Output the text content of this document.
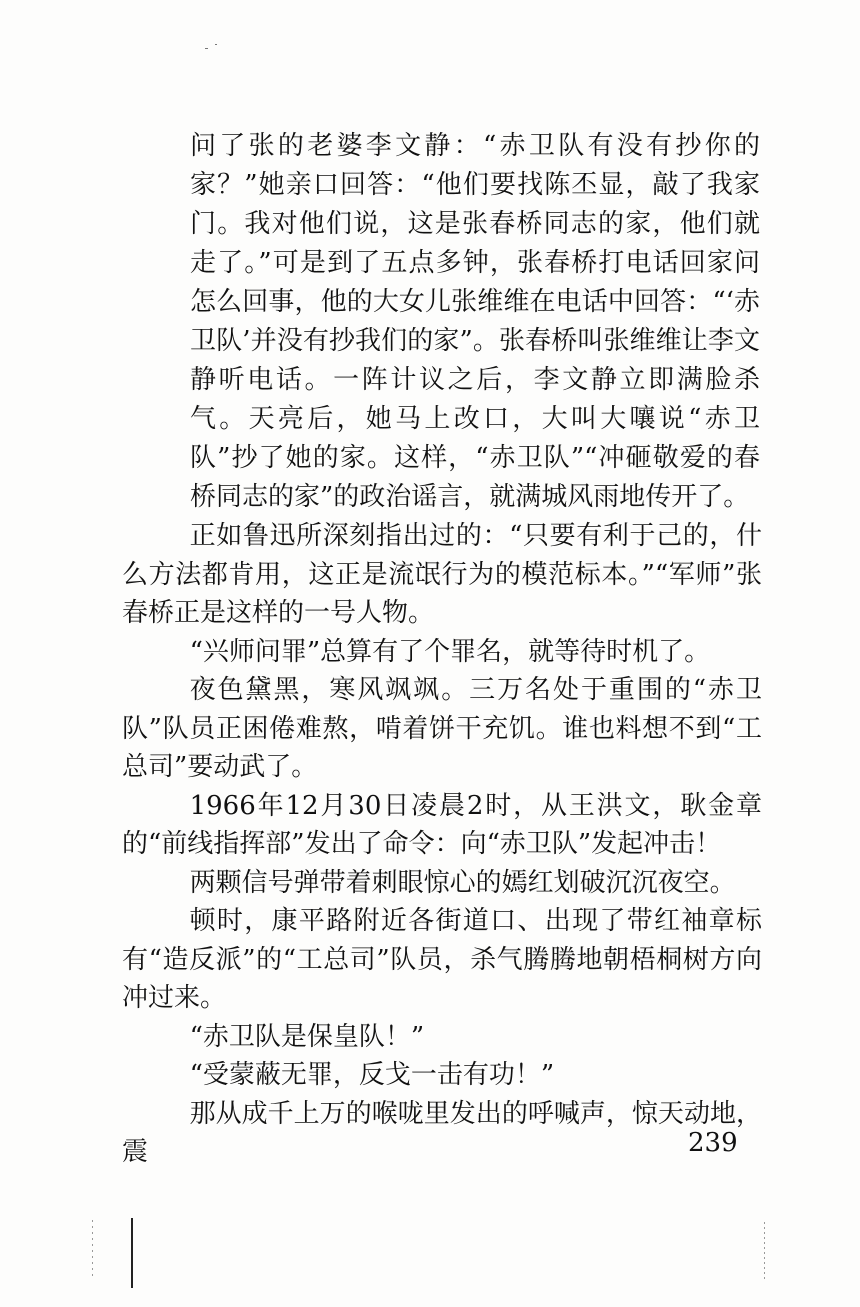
问了张的老婆李文静：“赤卫队有没有抄你的家？”她亲口回答：“他们要找陈丕显，敲了我家门。我对他们说，这是张春桥同志的家，他们就走了。”可是到了五点多钟，张春桥打电话回家问怎么回事，他的大女儿张维维在电话中回答：“‘赤卫队’并没有抄我们的家”。张春桥叫张维维让李文静听电话。一阵计议之后，李文静立即满脸杀气。天亮后，她马上改口，大叫大嚷说“赤卫队”抄了她的家。这样，“赤卫队”“冲砸敬爱的春桥同志的家”的政治谣言，就满城风雨地传开了。

正如鲁迅所深刻指出过的：“只要有利于己的，什么方法都肯用，这正是流氓行为的模范标本。”“军师”张春桥正是这样的一号人物。

“兴师问罪”总算有了个罪名，就等待时机了。

夜色黛黑，寒风飒飒。三万名处于重围的“赤卫队”队员正困倦难熬，啃着饼干充饥。谁也料想不到“工总司”要动武了。

1966年12月30日凌晨2时，从王洪文，耿金章的“前线指挥部”发出了命令：向“赤卫队”发起冲击！

两颗信号弹带着刺眼惊心的嫣红划破沉沉夜空。

顿时，康平路附近各街道口、出现了带红袖章标有“造反派”的“工总司”队员，杀气腾腾地朝梧桐树方向冲过来。

“赤卫队是保皇队！”

“受蒙蔽无罪，反戈一击有功！”

那从成千上万的喉咙里发出的呼喊声，惊天动地，震	239
